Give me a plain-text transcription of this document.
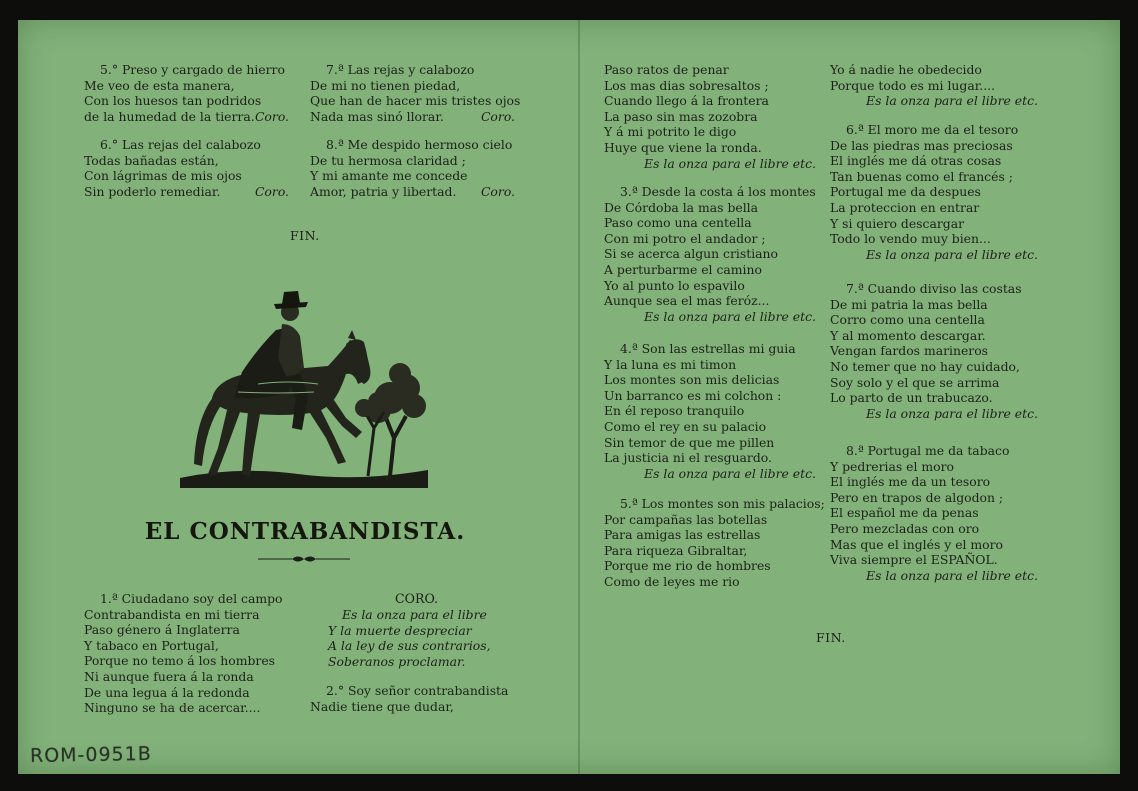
5.° Preso y cargado de hierro
Me veo de esta manera,
Con los huesos tan podridos
de la humedad de la tierra. Coro.
6.° Las rejas del calabozo
Todas bañadas están,
Con lágrimas de mis ojos
Sin poderlo remediar.	Coro.
7.ª Las rejas y calabozo
De mi no tienen piedad,
Que han de hacer mis tristes ojos
Nada mas sinó llorar.	Coro.
8.ª Me despido hermoso cielo
De tu hermosa claridad ;
Y mi amante me concede
Amor, patria y libertad. Coro.
FIN.
EL CONTRABANDISTA.
1.ª Ciudadano soy del campo
Contrabandista en mi tierra
Paso género á Inglaterra
Y tabaco en Portugal,
Porque no temo á los hombres
Ni aunque fuera á la ronda
De una legua á la redonda
Ninguno se ha de acercar....
CORO.
Es la onza para el libre
Y la muerte despreciar
A la ley de sus contrarios,
Soberanos proclamar.
2.° Soy señor contrabandista
Nadie tiene que dudar,
Paso ratos de penar
Los mas dias sobresaltos ;
Cuando llego á la frontera
La paso sin mas zozobra
Y á mi potrito le digo
Huye que viene la ronda.
Es la onza para el libre etc.
3.ª Desde la costa á los montes
De Córdoba la mas bella
Paso como una centella
Con mi potro el andador ;
Si se acerca algun cristiano
A perturbarme el camino
Yo al punto lo espavilo
Aunque sea el mas feróz...
Es la onza para el libre etc.
4.ª Son las estrellas mi guia
Y la luna es mi timon
Los montes son mis delicias
Un barranco es mi colchon :
En él reposo tranquilo
Como el rey en su palacio
Sin temor de que me pillen
La justicia ni el resguardo.
Es la onza para el libre etc.
5.ª Los montes son mis palacios;
Por campañas las botellas
Para amigas las estrellas
Para riqueza Gibraltar,
Porque me rio de hombres
Como de leyes me rio
FIN.
Yo á nadie he obedecido
Porque todo es mi lugar....
Es la onza para el libre etc.
6.ª El moro me da el tesoro
De las piedras mas preciosas
El inglés me dá otras cosas
Tan buenas como el francés ;
Portugal me da despues
La proteccion en entrar
Y si quiero descargar
Todo lo vendo muy bien...
Es la onza para el libre etc.
7.ª Cuando diviso las costas
De mi patria la mas bella
Corro como una centella
Y al momento descargar.
Vengan fardos marineros
No temer que no hay cuidado,
Soy solo y el que se arrima
Lo parto de un trabucazo.
Es la onza para el libre etc.
8.ª Portugal me da tabaco
Y pedrerias el moro
El inglés me da un tesoro
Pero en trapos de algodon ;
El español me da penas
Pero mezcladas con oro
Mas que el inglés y el moro
Viva siempre el ESPAÑOL.
Es la onza para el libre etc.
ROM-0951B
